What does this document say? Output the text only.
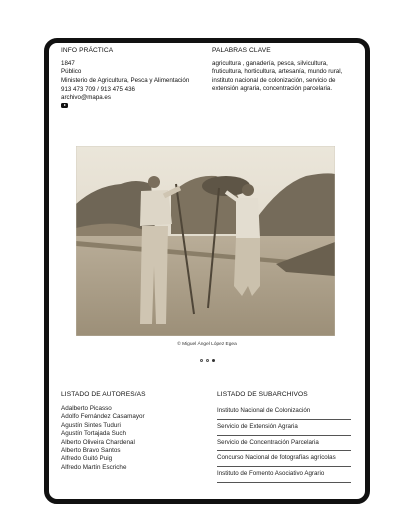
INFO PRÁCTICA
1847
Público
Ministerio de Agricultura, Pesca y Alimentación
913 473 709 / 913 475 436
archivo@mapa.es
PALABRAS CLAVE
agricultura , ganadería, pesca, silvicultura,
fruticultura, horticultura, artesanía, mundo rural,
instituto nacional de colonización, servicio de
extensión agraria, concentración parcelaria.
© Miguel Ángel López Egea
LISTADO DE AUTORES/AS
Adalberto Picasso
Adolfo Fernández Casamayor
Agustín Sintes Tuduri
Agustín Tortajada Such
Alberto Oliveira Chardenal
Alberto Bravo Santos
Alfredo Guitó Puig
Alfredo Martín Escriche
LISTADO DE SUBARCHIVOS
Instituto Nacional de Colonización
Servicio de Extensión Agraria
Servicio de Concentración Parcelaria
Concurso Nacional de fotografías agrícolas
Instituto de Fomento Asociativo Agrario
